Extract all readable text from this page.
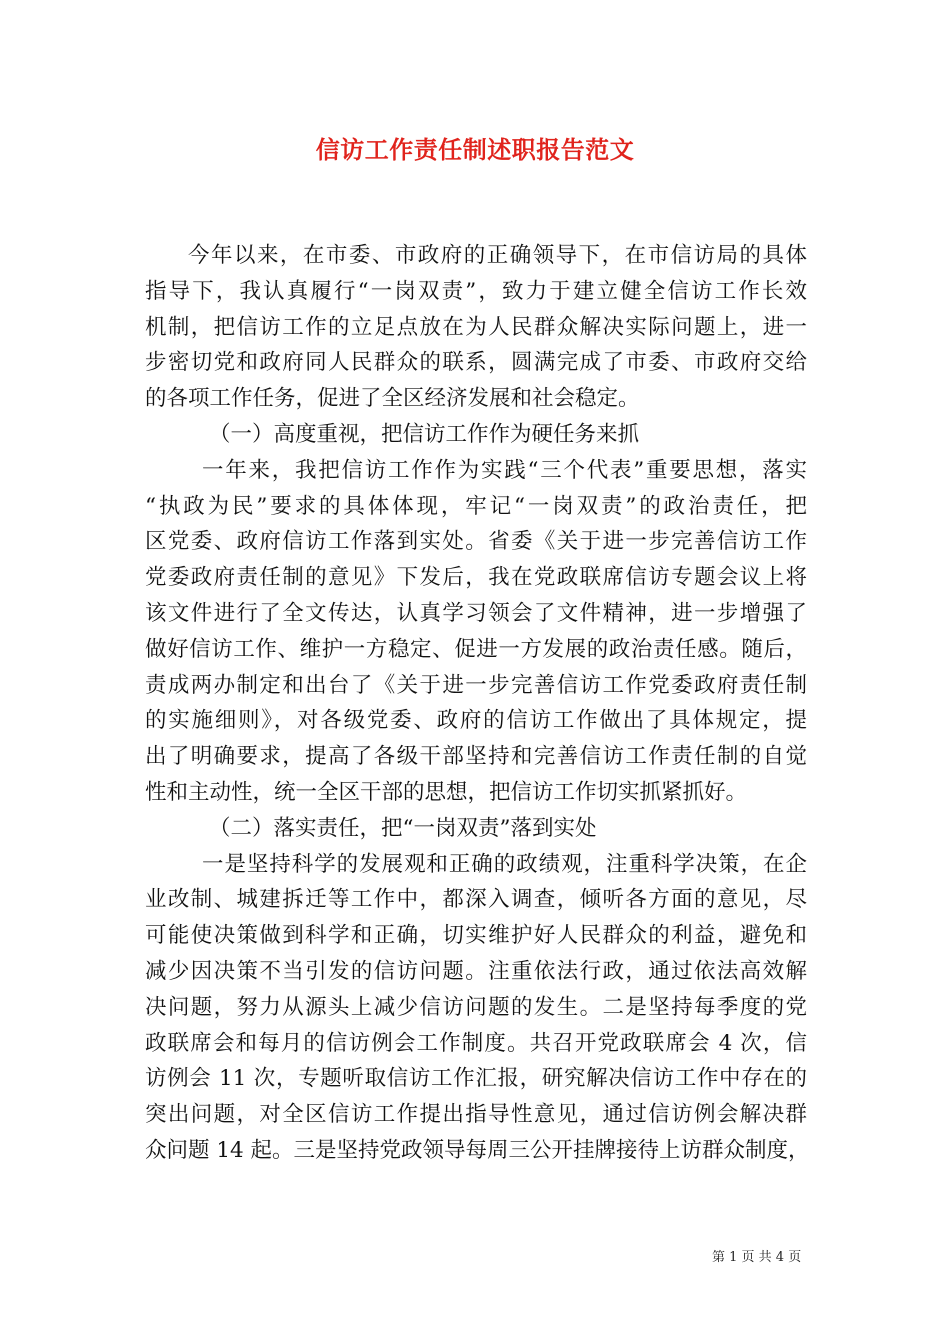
信访工作责任制述职报告范文
今年以来，在市委、市政府的正确领导下，在市信访局的具体
指导下，我认真履行“一岗双责”，致力于建立健全信访工作长效
机制，把信访工作的立足点放在为人民群众解决实际问题上，进一
步密切党和政府同人民群众的联系，圆满完成了市委、市政府交给
的各项工作任务，促进了全区经济发展和社会稳定。
（一）高度重视，把信访工作作为硬任务来抓
一年来，我把信访工作作为实践“三个代表”重要思想，落实
“执政为民”要求的具体体现，牢记“一岗双责”的政治责任，把
区党委、政府信访工作落到实处。省委《关于进一步完善信访工作
党委政府责任制的意见》下发后，我在党政联席信访专题会议上将
该文件进行了全文传达，认真学习领会了文件精神，进一步增强了
做好信访工作、维护一方稳定、促进一方发展的政治责任感。随后，
责成两办制定和出台了《关于进一步完善信访工作党委政府责任制
的实施细则》，对各级党委、政府的信访工作做出了具体规定，提
出了明确要求，提高了各级干部坚持和完善信访工作责任制的自觉
性和主动性，统一全区干部的思想，把信访工作切实抓紧抓好。
（二）落实责任，把“一岗双责”落到实处
一是坚持科学的发展观和正确的政绩观，注重科学决策，在企
业改制、城建拆迁等工作中，都深入调查，倾听各方面的意见，尽
可能使决策做到科学和正确，切实维护好人民群众的利益，避免和
减少因决策不当引发的信访问题。注重依法行政，通过依法高效解
决问题，努力从源头上减少信访问题的发生。二是坚持每季度的党
政联席会和每月的信访例会工作制度。共召开党政联席会 4 次，信
访例会 11 次，专题听取信访工作汇报，研究解决信访工作中存在的
突出问题，对全区信访工作提出指导性意见，通过信访例会解决群
众问题 14 起。三是坚持党政领导每周三公开挂牌接待上访群众制度，
第 1 页 共 4 页
